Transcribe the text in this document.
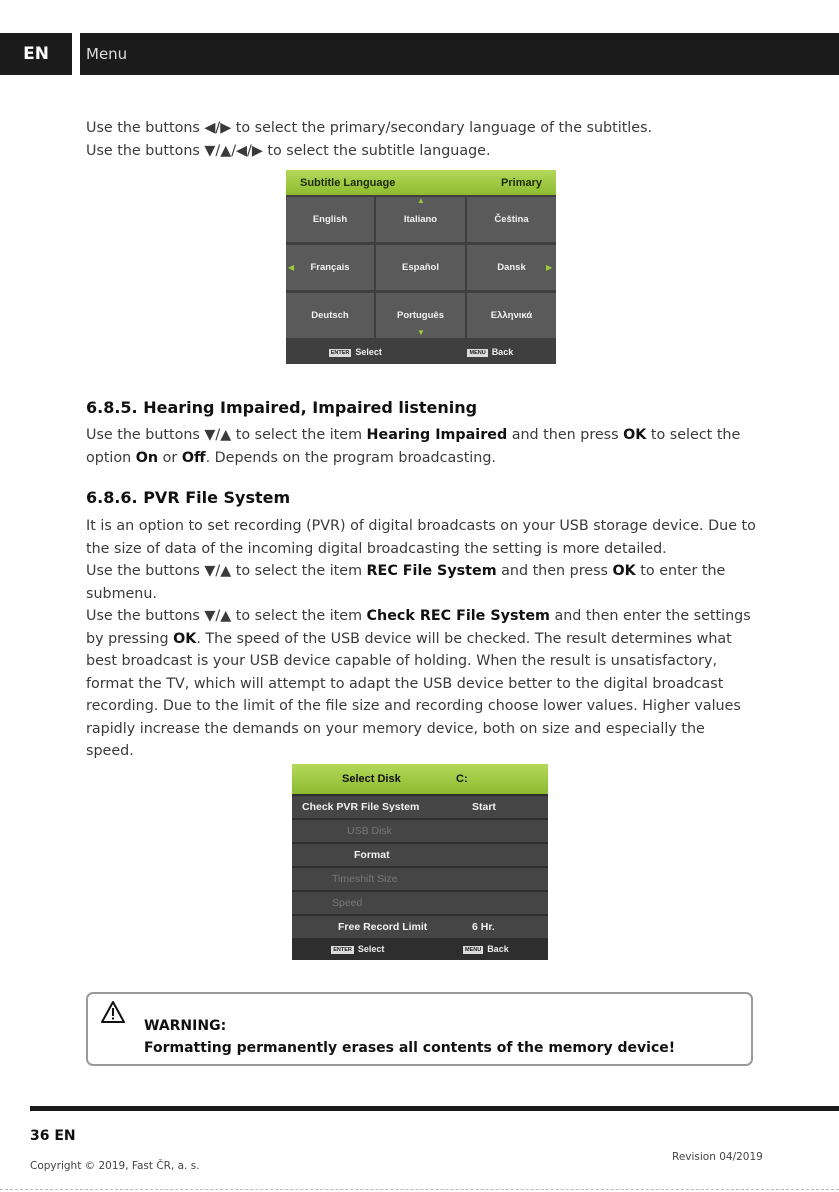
EN	Menu

Use the buttons ◀/▶ to select the primary/secondary language of the subtitles.

Use the buttons ▼/▲/◀/▶ to select the subtitle language.

Subtitle Language	Primary
English	Italiano	Čeština
Français	Español	Dansk
Deutsch	Português	Ελληνικά
▲
▼
◀	▶
ENTER Select	MENU Back

6.8.5. Hearing Impaired, Impaired listening

Use the buttons ▼/▲ to select the item Hearing Impaired and then press OK to select the option On or Off. Depends on the program broadcasting.

6.8.6. PVR File System

It is an option to set recording (PVR) of digital broadcasts on your USB storage device. Due to the size of data of the incoming digital broadcasting the setting is more detailed.

Use the buttons ▼/▲ to select the item REC File System and then press OK to enter the submenu.

Use the buttons ▼/▲ to select the item Check REC File System and then enter the settings by pressing OK. The speed of the USB device will be checked. The result determines what best broadcast is your USB device capable of holding. When the result is unsatisfactory, format the TV, which will attempt to adapt the USB device better to the digital broadcast recording. Due to the limit of the file size and recording choose lower values. Higher values rapidly increase the demands on your memory device, both on size and especially the speed.

Select Disk	C:
Check PVR File System	Start
USB Disk
Format
Timeshift Size
Speed
Free Record Limit	6 Hr.
ENTER Select	MENU Back
WARNING:
Formatting permanently erases all contents of the memory device!
36 EN
Copyright © 2019, Fast ČR, a. s.
Revision 04/2019
